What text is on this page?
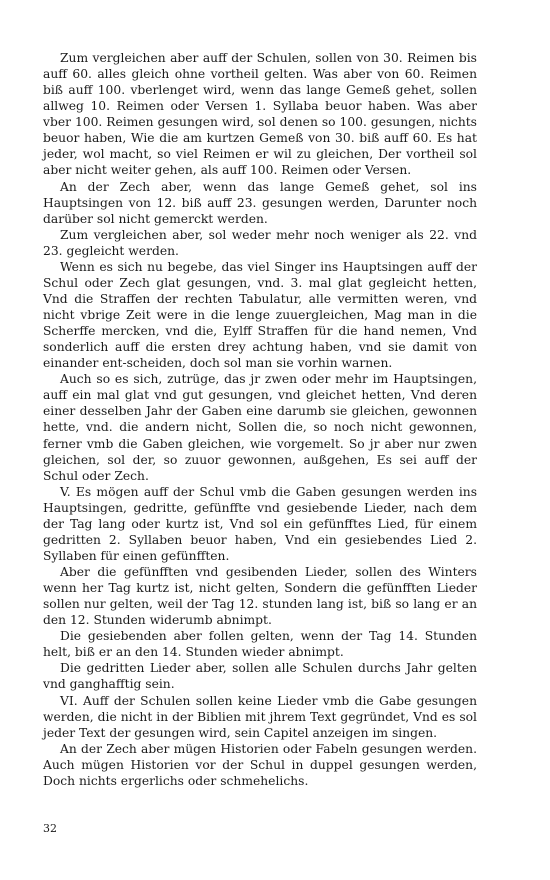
Zum vergleichen aber auff der Schulen, sollen von 30. Reimen bis auff 60. alles gleich ohne vortheil gelten. Was aber von 60. Reimen biß auff 100. vberlenget wird, wenn das lange Gemeß gehet, sollen allweg 10. Reimen oder Versen 1. Syllaba beuor haben. Was aber vber 100. Reimen gesungen wird, sol denen so 100. gesungen, nichts beuor haben, Wie die am kurtzen Gemeß von 30. biß auff 60. Es hat jeder, wol macht, so viel Reimen er wil zu gleichen, Der vortheil sol aber nicht weiter gehen, als auff 100. Reimen oder Versen.

An der Zech aber, wenn das lange Gemeß gehet, sol ins Hauptsingen von 12. biß auff 23. gesungen werden, Darunter noch darüber sol nicht gemerckt werden.

Zum vergleichen aber, sol weder mehr noch weniger als 22. vnd 23. gegleicht werden.

Wenn es sich nu begebe, das viel Singer ins Hauptsingen auff der Schul oder Zech glat gesungen, vnd. 3. mal glat gegleicht hetten, Vnd die Straffen der rechten Tabulatur, alle vermitten weren, vnd nicht vbrige Zeit were in die lenge zuuergleichen, Mag man in die Scherffe mercken, vnd die, Eylff Straffen für die hand nemen, Vnd sonderlich auff die ersten drey achtung haben, vnd sie damit von einander ent-scheiden, doch sol man sie vorhin warnen.

Auch so es sich, zutrüge, das jr zwen oder mehr im Hauptsingen, auff ein mal glat vnd gut gesungen, vnd gleichet hetten, Vnd deren einer desselben Jahr der Gaben eine darumb sie gleichen, gewonnen hette, vnd. die andern nicht, Sollen die, so noch nicht gewonnen, ferner vmb die Gaben gleichen, wie vorgemelt. So jr aber nur zwen gleichen, sol der, so zuuor gewonnen, außgehen, Es sei auff der Schul oder Zech.

V. Es mögen auff der Schul vmb die Gaben gesungen werden ins Hauptsingen, gedritte, gefünffte vnd gesiebende Lieder, nach dem der Tag lang oder kurtz ist, Vnd sol ein gefünfftes Lied, für einem gedritten 2. Syllaben beuor haben, Vnd ein gesiebendes Lied 2. Syllaben für einen gefünfften.

Aber die gefünfften vnd gesibenden Lieder, sollen des Winters wenn her Tag kurtz ist, nicht gelten, Sondern die gefünfften Lieder sollen nur gelten, weil der Tag 12. stunden lang ist, biß so lang er an den 12. Stunden widerumb abnimpt.

Die gesiebenden aber follen gelten, wenn der Tag 14. Stunden helt, biß er an den 14. Stunden wieder abnimpt.

Die gedritten Lieder aber, sollen alle Schulen durchs Jahr gelten vnd ganghafftig sein.

VI. Auff der Schulen sollen keine Lieder vmb die Gabe gesungen werden, die nicht in der Biblien mit jhrem Text gegründet, Vnd es sol jeder Text der gesungen wird, sein Capitel anzeigen im singen.

An der Zech aber mügen Historien oder Fabeln gesungen werden. Auch mügen Historien vor der Schul in duppel gesungen werden, Doch nichts ergerlichs oder schmehelichs.

32
